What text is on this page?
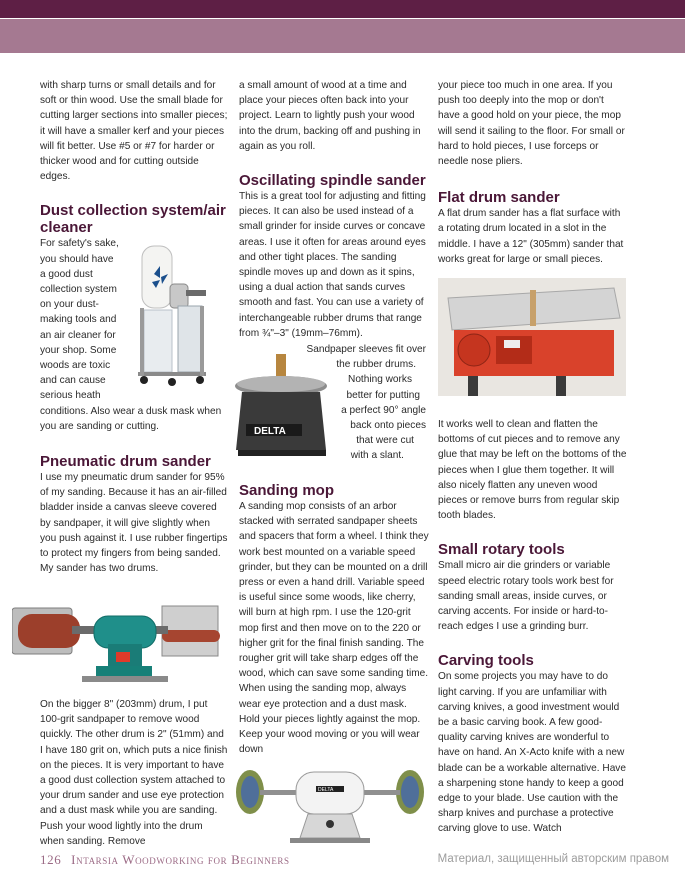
with sharp turns or small details and for soft or thin wood. Use the small blade for cutting larger sections into smaller pieces; it will have a smaller kerf and your pieces will fit better. Use #5 or #7 for harder or thicker wood and for cutting outside edges.

Dust collection system/air cleaner
For safety's sake,
you should have
a good dust
collection system
on your dust-
making tools and
an air cleaner for
your shop. Some
woods are toxic
and can cause
serious heath

conditions. Also wear a dusk mask when you are sanding or cutting.

Pneumatic drum sander

I use my pneumatic drum sander for 95% of my sanding. Because it has an air-filled bladder inside a canvas sleeve covered by sandpaper, it will give slightly when you push against it. I use rubber fingertips to protect my fingers from being sanded. My sander has two drums.

On the bigger 8" (203mm) drum, I put 100-grit sandpaper to remove wood quickly. The other drum is 2" (51mm) and I have 180 grit on, which puts a nice finish on the pieces. It is very important to have a good dust collection system attached to your drum sander and use eye protection and a dust mask while you are sanding. Push your wood lightly into the drum when sanding. Remove

a small amount of wood at a time and place your pieces often back into your project. Learn to lightly push your wood into the drum, backing off and pushing in again as you roll.

Oscillating spindle sander

This is a great tool for adjusting and fitting pieces. It can also be used instead of a small grinder for inside curves or concave areas. I use it often for areas around eyes and other tight places. The sanding spindle moves up and down as it spins, using a dual action that sands curves smooth and fast. You can use a variety of interchangeable rubber drums that range from ¾"–3" (19mm–76mm).

Sandpaper sleeves fit over
the rubber drums.
Nothing works
better for putting
a perfect 90° angle
back onto pieces
that were cut
with a slant.
DELTA
Sanding mop

A sanding mop consists of an arbor stacked with serrated sandpaper sheets and spacers that form a wheel. I think they work best mounted on a variable speed grinder, but they can be mounted on a drill press or even a hand drill. Variable speed is useful since some woods, like cherry, will burn at high rpm. I use the 120-grit mop first and then move on to the 220 or higher grit for the final finish sanding. The rougher grit will take sharp edges off the wood, which can save some sanding time. When using the sanding mop, always wear eye protection and a dust mask. Hold your pieces lightly against the mop. Keep your wood moving or you will wear down

DELTA

your piece too much in one area. If you push too deeply into the mop or don't have a good hold on your piece, the mop will send it sailing to the floor. For small or hard to hold pieces, I use forceps or needle nose pliers.

Flat drum sander

A flat drum sander has a flat surface with a rotating drum located in a slot in the middle. I have a 12" (305mm) sander that works great for large or small pieces.

It works well to clean and flatten the bottoms of cut pieces and to remove any glue that may be left on the bottoms of the pieces when I glue them together. It will also nicely flatten any uneven wood pieces or remove burrs from regular skip tooth blades.

Small rotary tools

Small micro air die grinders or variable speed electric rotary tools work best for sanding small areas, inside curves, or carving accents. For inside or hard-to-reach edges I use a grinding burr.

Carving tools

On some projects you may have to do light carving. If you are unfamiliar with carving knives, a good investment would be a basic carving book. A few good-quality carving knives are wonderful to have on hand. An X-Acto knife with a new blade can be a workable alternative. Have a sharpening stone handy to keep a good edge to your blade. Use caution with the sharp knives and purchase a protective carving glove to use. Watch

126 Intarsia Woodworking for Beginners	Материал, защищенный авторским правом
